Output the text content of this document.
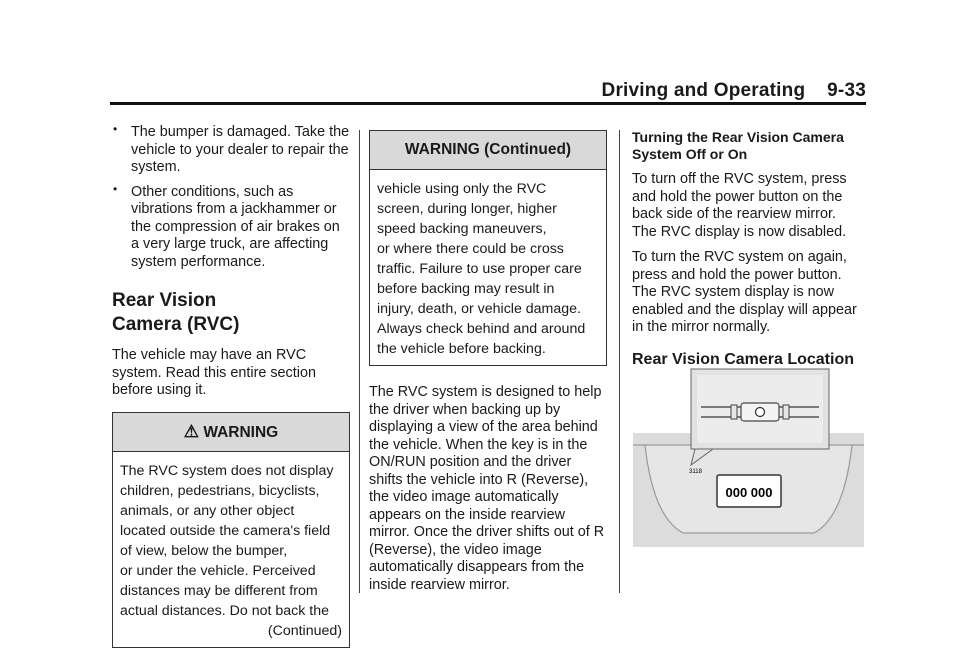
Driving and Operating    9-33
• The bumper is damaged. Take the vehicle to your dealer to repair the system.
• Other conditions, such as vibrations from a jackhammer or the compression of air brakes on a very large truck, are affecting system performance.
Rear Vision
Camera (RVC)

The vehicle may have an RVC system. Read this entire section before using it.

⚠ WARNING
The RVC system does not display
children, pedestrians, bicyclists,
animals, or any other object
located outside the camera's field
of view, below the bumper,
or under the vehicle. Perceived
distances may be different from
actual distances. Do not back the
(Continued)
WARNING (Continued)
vehicle using only the RVC
screen, during longer, higher
speed backing maneuvers,
or where there could be cross
traffic. Failure to use proper care
before backing may result in
injury, death, or vehicle damage.
Always check behind and around
the vehicle before backing.

The RVC system is designed to help the driver when backing up by displaying a view of the area behind the vehicle. When the key is in the ON/RUN position and the driver shifts the vehicle into R (Reverse), the video image automatically appears on the inside rearview mirror. Once the driver shifts out of R (Reverse), the video image automatically disappears from the inside rearview mirror.

Turning the Rear Vision Camera System Off or On

To turn off the RVC system, press and hold the power button on the back side of the rearview mirror. The RVC display is now disabled.

To turn the RVC system on again, press and hold the power button. The RVC system display is now enabled and the display will appear in the mirror normally.

Rear Vision Camera Location
000 000
3118
